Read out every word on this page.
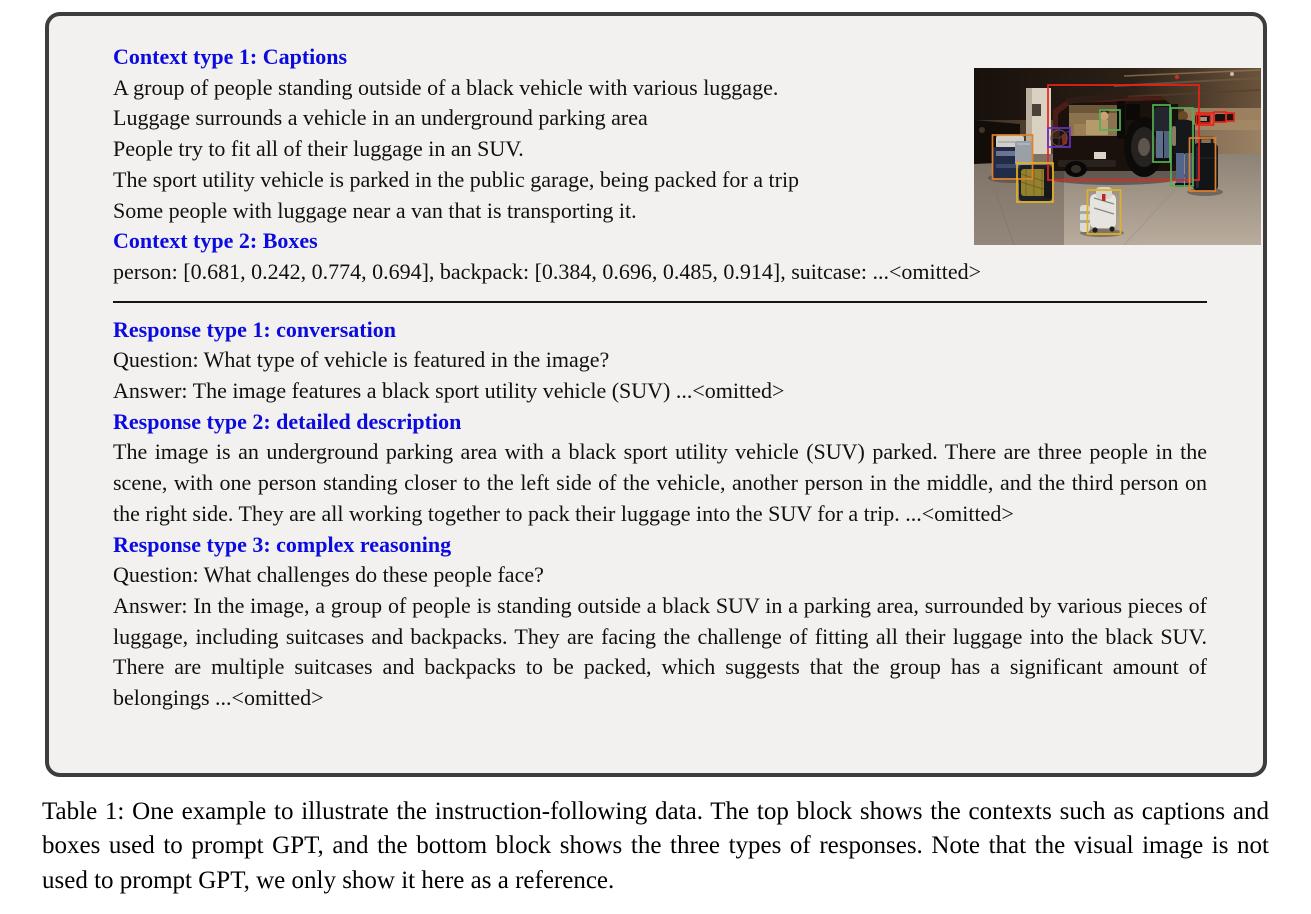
Context type 1: Captions
A group of people standing outside of a black vehicle with various luggage.
Luggage surrounds a vehicle in an underground parking area
People try to fit all of their luggage in an SUV.
The sport utility vehicle is parked in the public garage, being packed for a trip
Some people with luggage near a van that is transporting it.
Context type 2: Boxes
person: [0.681, 0.242, 0.774, 0.694], backpack: [0.384, 0.696, 0.485, 0.914], suitcase: ...<omitted>
Response type 1: conversation
Question: What type of vehicle is featured in the image?
Answer: The image features a black sport utility vehicle (SUV) ...<omitted>
Response type 2: detailed description
The image is an underground parking area with a black sport utility vehicle (SUV) parked. There are three people in the scene, with one person standing closer to the left side of the vehicle, another person in the middle, and the third person on the right side. They are all working together to pack their luggage into the SUV for a trip. ...<omitted>
Response type 3: complex reasoning
Question: What challenges do these people face?
Answer: In the image, a group of people is standing outside a black SUV in a parking area, surrounded by various pieces of luggage, including suitcases and backpacks. They are facing the challenge of fitting all their luggage into the black SUV. There are multiple suitcases and backpacks to be packed, which suggests that the group has a significant amount of belongings ...<omitted>
Table 1: One example to illustrate the instruction-following data. The top block shows the contexts such as captions and boxes used to prompt GPT, and the bottom block shows the three types of responses. Note that the visual image is not used to prompt GPT, we only show it here as a reference.
